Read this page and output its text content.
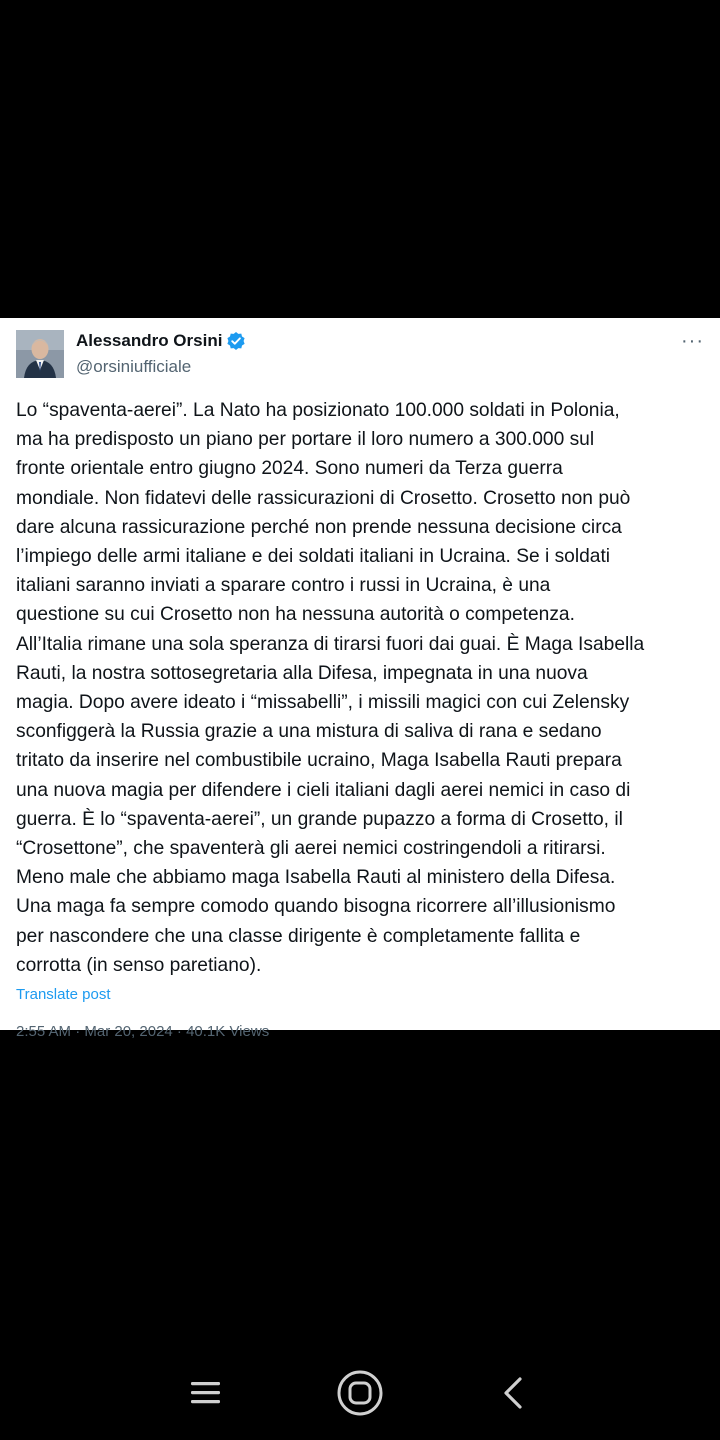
Alessandro Orsini
@orsiniufficiale
···
Lo “spaventa-aerei”. La Nato ha posizionato 100.000 soldati in Polonia,
ma ha predisposto un piano per portare il loro numero a 300.000 sul
fronte orientale entro giugno 2024. Sono numeri da Terza guerra
mondiale. Non fidatevi delle rassicurazioni di Crosetto. Crosetto non può
dare alcuna rassicurazione perché non prende nessuna decisione circa
l’impiego delle armi italiane e dei soldati italiani in Ucraina. Se i soldati
italiani saranno inviati a sparare contro i russi in Ucraina, è una
questione su cui Crosetto non ha nessuna autorità o competenza.
All’Italia rimane una sola speranza di tirarsi fuori dai guai. È Maga Isabella
Rauti, la nostra sottosegretaria alla Difesa, impegnata in una nuova
magia. Dopo avere ideato i “missabelli”, i missili magici con cui Zelensky
sconfiggerà la Russia grazie a una mistura di saliva di rana e sedano
tritato da inserire nel combustibile ucraino, Maga Isabella Rauti prepara
una nuova magia per difendere i cieli italiani dagli aerei nemici in caso di
guerra. È lo “spaventa-aerei”, un grande pupazzo a forma di Crosetto, il
“Crosettone”, che spaventerà gli aerei nemici costringendoli a ritirarsi.
Meno male che abbiamo maga Isabella Rauti al ministero della Difesa.
Una maga fa sempre comodo quando bisogna ricorrere all’illusionismo
per nascondere che una classe dirigente è completamente fallita e
corrotta (in senso paretiano).
Translate post
2:55 AM · Mar 20, 2024 · 40.1K Views
